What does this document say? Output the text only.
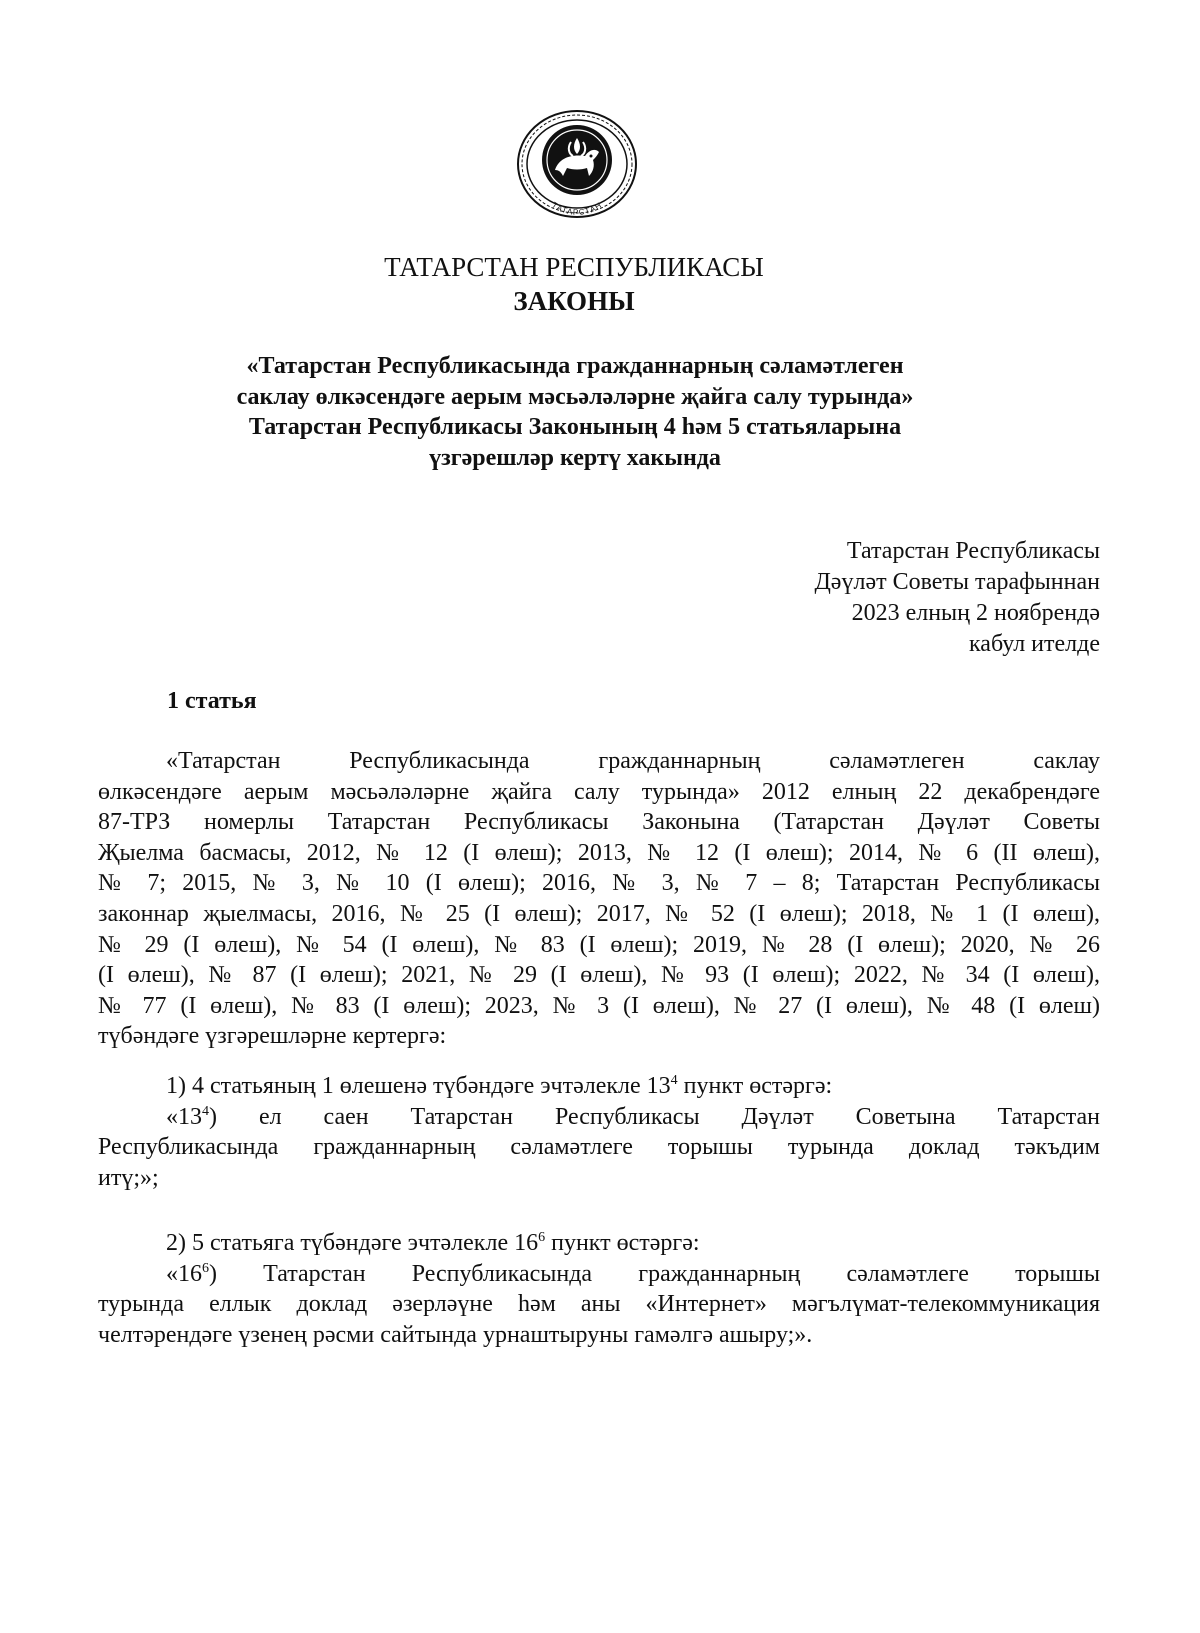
ТАТАРСТАН
ТАТАРСТАН РЕСПУБЛИКАСЫ
ЗАКОНЫ
«Татарстан Республикасында гражданнарның сәламәтлеген
саклау өлкәсендәге аерым мәсьәләләрне җайга салу турында»
Татарстан Республикасы Законының 4 һәм 5 статьяларына
үзгәрешләр кертү хакында
Татарстан Республикасы
Дәүләт Советы тарафыннан
2023 елның 2 ноябрендә
кабул ителде
1 статья
«Татарстан Республикасында гражданнарның сәламәтлеген саклау
өлкәсендәге аерым мәсьәләләрне җайга салу турында» 2012 елның 22 декабрендәге
87-ТРЗ номерлы Татарстан Республикасы Законына (Татарстан Дәүләт Советы
Җыелма басмасы, 2012, № 12 (I өлеш); 2013, № 12 (I өлеш); 2014, № 6 (II өлеш),
№ 7; 2015, № 3, № 10 (I өлеш); 2016, № 3, № 7 – 8; Татарстан Республикасы
законнар җыелмасы, 2016, № 25 (I өлеш); 2017, № 52 (I өлеш); 2018, № 1 (I өлеш),
№ 29 (I өлеш), № 54 (I өлеш), № 83 (I өлеш); 2019, № 28 (I өлеш); 2020, № 26
(I өлеш), № 87 (I өлеш); 2021, № 29 (I өлеш), № 93 (I өлеш); 2022, № 34 (I өлеш),
№ 77 (I өлеш), № 83 (I өлеш); 2023, № 3 (I өлеш), № 27 (I өлеш), № 48 (I өлеш)
түбәндәге үзгәрешләрне кертергә:
1) 4 статьяның 1 өлешенә түбәндәге эчтәлекле $13^4$ пункт өстәргә:
«$13^4$) ел саен Татарстан Республикасы Дәүләт Советына Татарстан
Республикасында гражданнарның сәламәтлеге торышы турында доклад тәкъдим
итү;»;
2) 5 статьяга түбәндәге эчтәлекле $16^6$ пункт өстәргә:
«$16^6$) Татарстан Республикасында гражданнарның сәламәтлеге торышы
турында еллык доклад әзерләүне һәм аны «Интернет» мәгълүмат-телекоммуникация
челтәрендәге үзенең рәсми сайтында урнаштыруны гамәлгә ашыру;».
